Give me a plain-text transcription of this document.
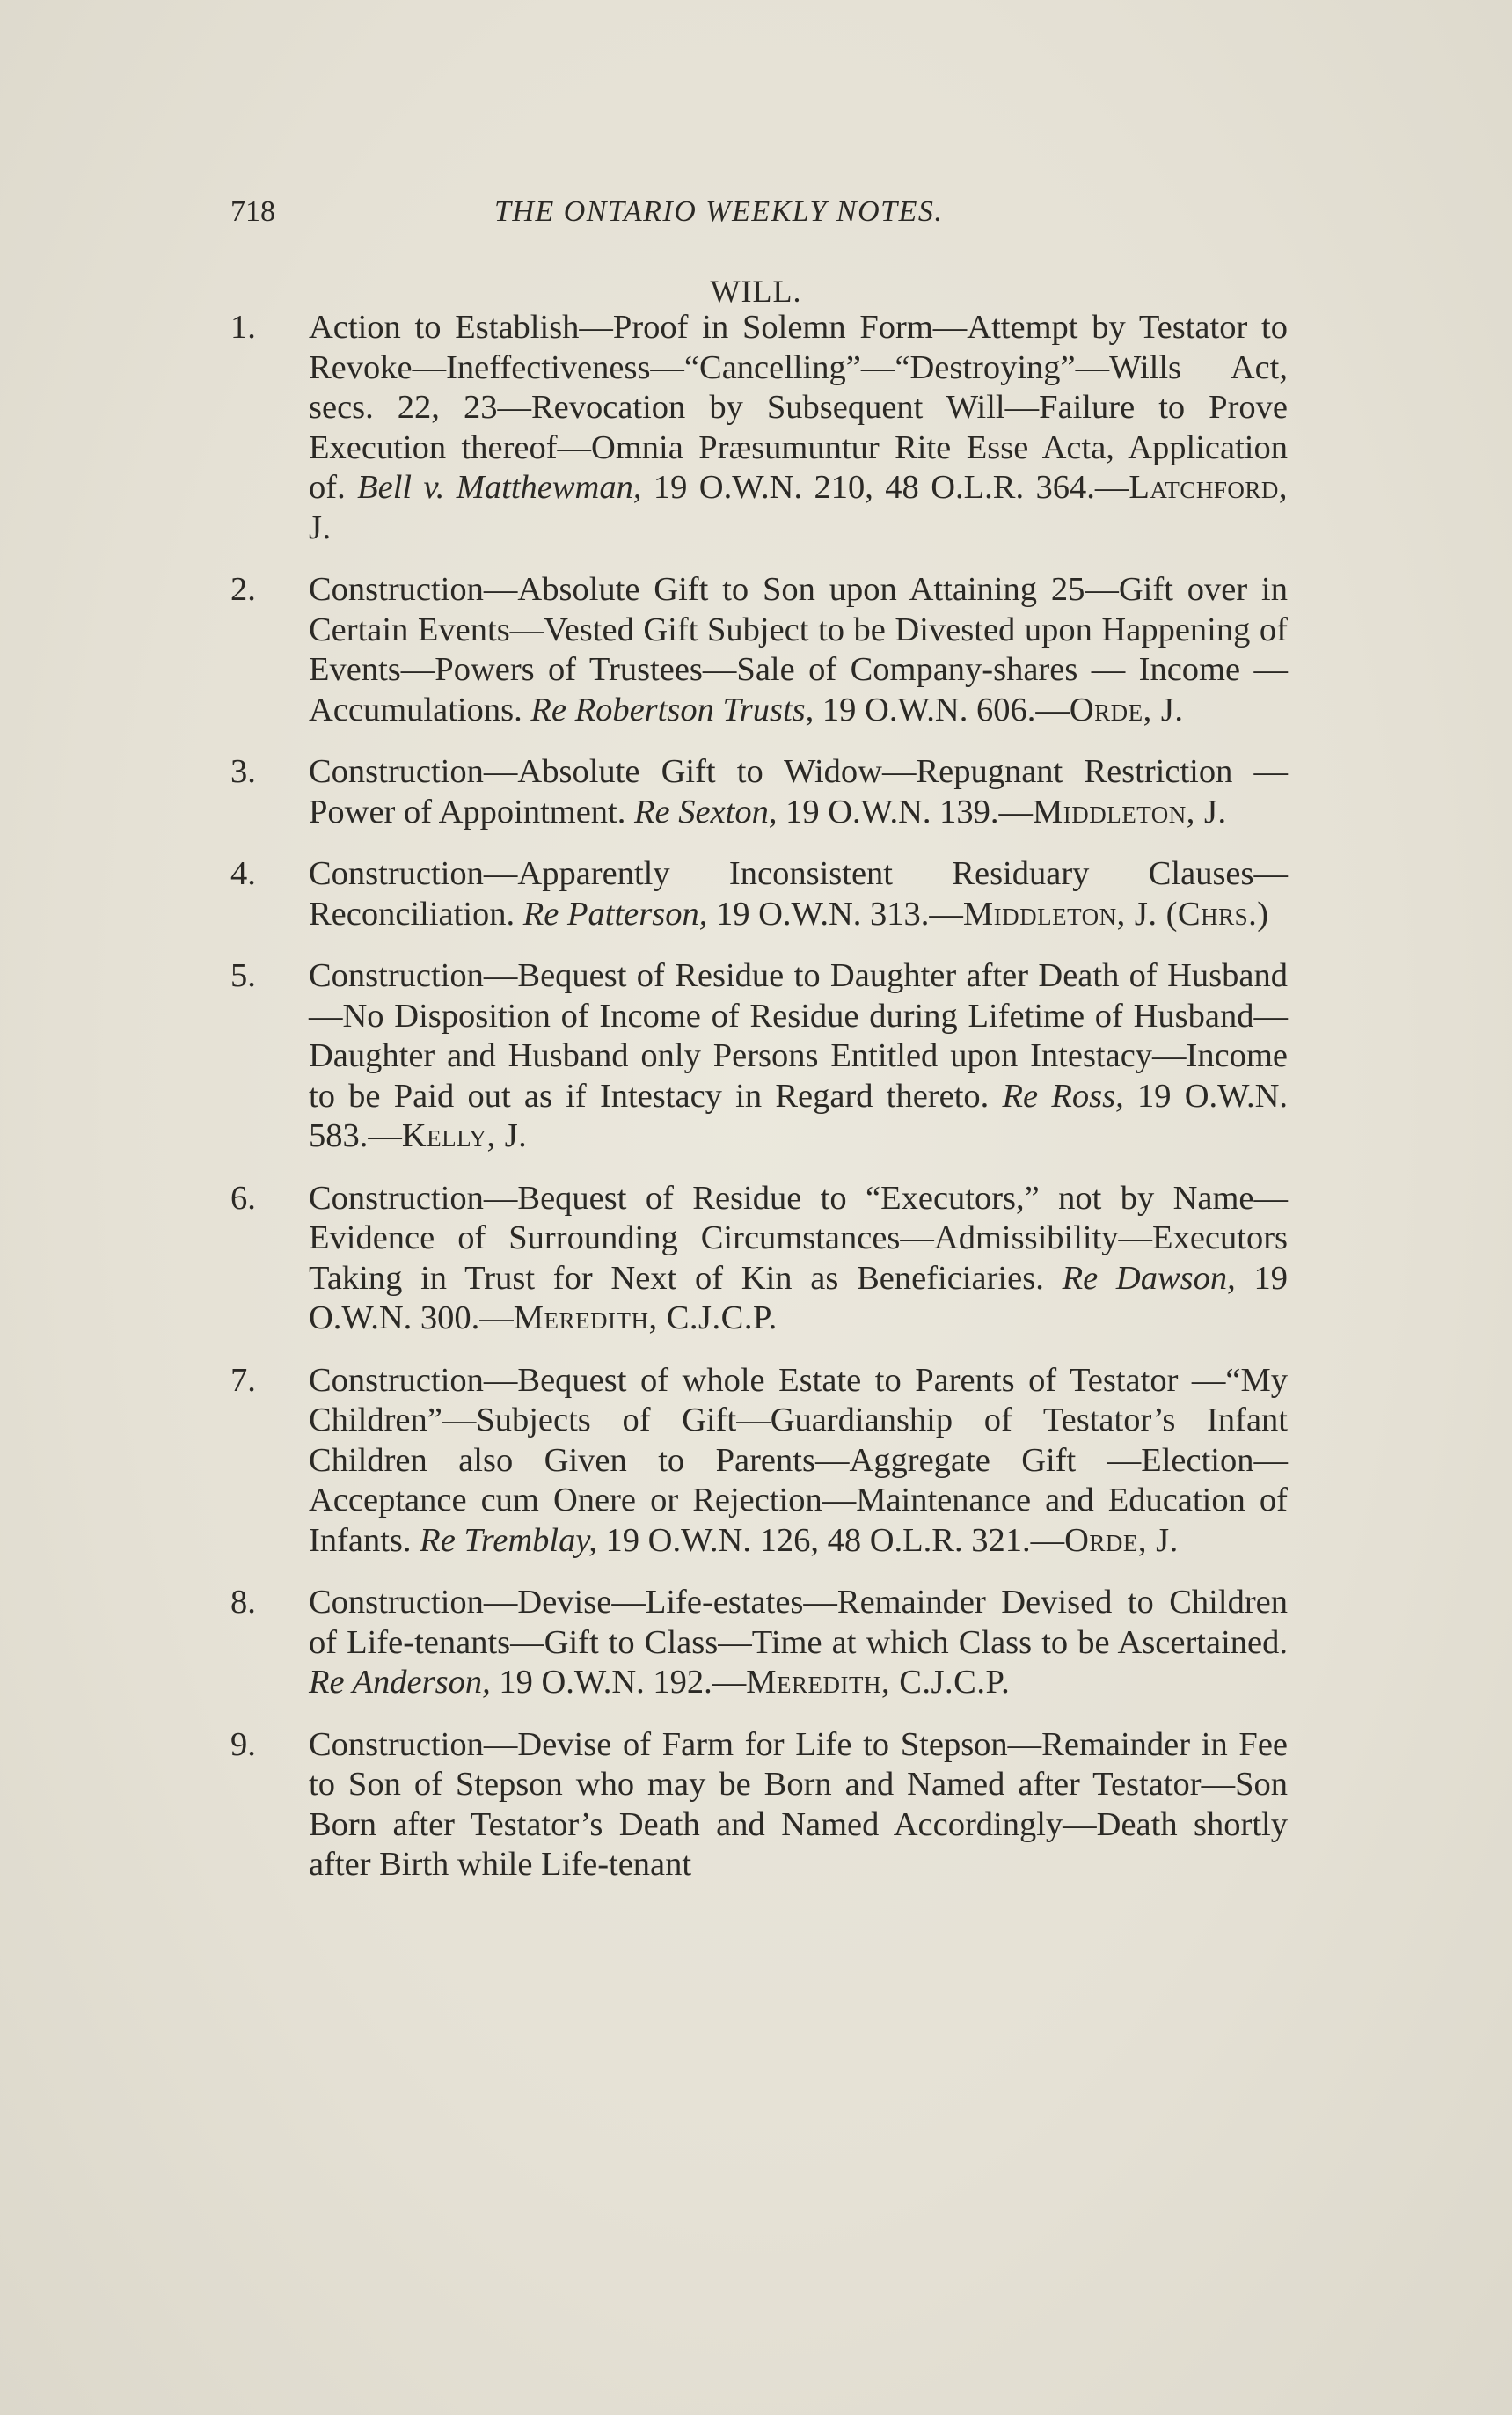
718	THE ONTARIO WEEKLY NOTES.
WILL.
1. Action to Establish—Proof in Solemn Form—Attempt by Testator to Revoke—Ineffectiveness—“Cancelling”—“Destroying”—Wills Act, secs. 22, 23—Revocation by Subsequent Will—Failure to Prove Execution thereof—Omnia Præsumuntur Rite Esse Acta, Application of. Bell v. Matthewman, 19 O.W.N. 210, 48 O.L.R. 364.—Latchford, J.
2. Construction—Absolute Gift to Son upon Attaining 25—Gift over in Certain Events—Vested Gift Subject to be Divested upon Happening of Events—Powers of Trustees—Sale of Company-shares — Income — Accumulations. Re Robertson Trusts, 19 O.W.N. 606.—Orde, J.
3. Construction—Absolute Gift to Widow—Repugnant Restriction —Power of Appointment. Re Sexton, 19 O.W.N. 139.—Middleton, J.
4. Construction—Apparently Inconsistent Residuary Clauses—Reconciliation. Re Patterson, 19 O.W.N. 313.—Middleton, J. (Chrs.)
5. Construction—Bequest of Residue to Daughter after Death of Husband—No Disposition of Income of Residue during Lifetime of Husband—Daughter and Husband only Persons Entitled upon Intestacy—Income to be Paid out as if Intestacy in Regard thereto. Re Ross, 19 O.W.N. 583.—Kelly, J.
6. Construction—Bequest of Residue to “Executors,” not by Name—Evidence of Surrounding Circumstances—Admissibility—Executors Taking in Trust for Next of Kin as Beneficiaries. Re Dawson, 19 O.W.N. 300.—Meredith, C.J.C.P.
7. Construction—Bequest of whole Estate to Parents of Testator —“My Children”—Subjects of Gift—Guardianship of Testator’s Infant Children also Given to Parents—Aggregate Gift —Election—Acceptance cum Onere or Rejection—Maintenance and Education of Infants. Re Tremblay, 19 O.W.N. 126, 48 O.L.R. 321.—Orde, J.
8. Construction—Devise—Life-estates—Remainder Devised to Children of Life-tenants—Gift to Class—Time at which Class to be Ascertained. Re Anderson, 19 O.W.N. 192.—Meredith, C.J.C.P.
9. Construction—Devise of Farm for Life to Stepson—Remainder in Fee to Son of Stepson who may be Born and Named after Testator—Son Born after Testator’s Death and Named Accordingly—Death shortly after Birth while Life-tenant
